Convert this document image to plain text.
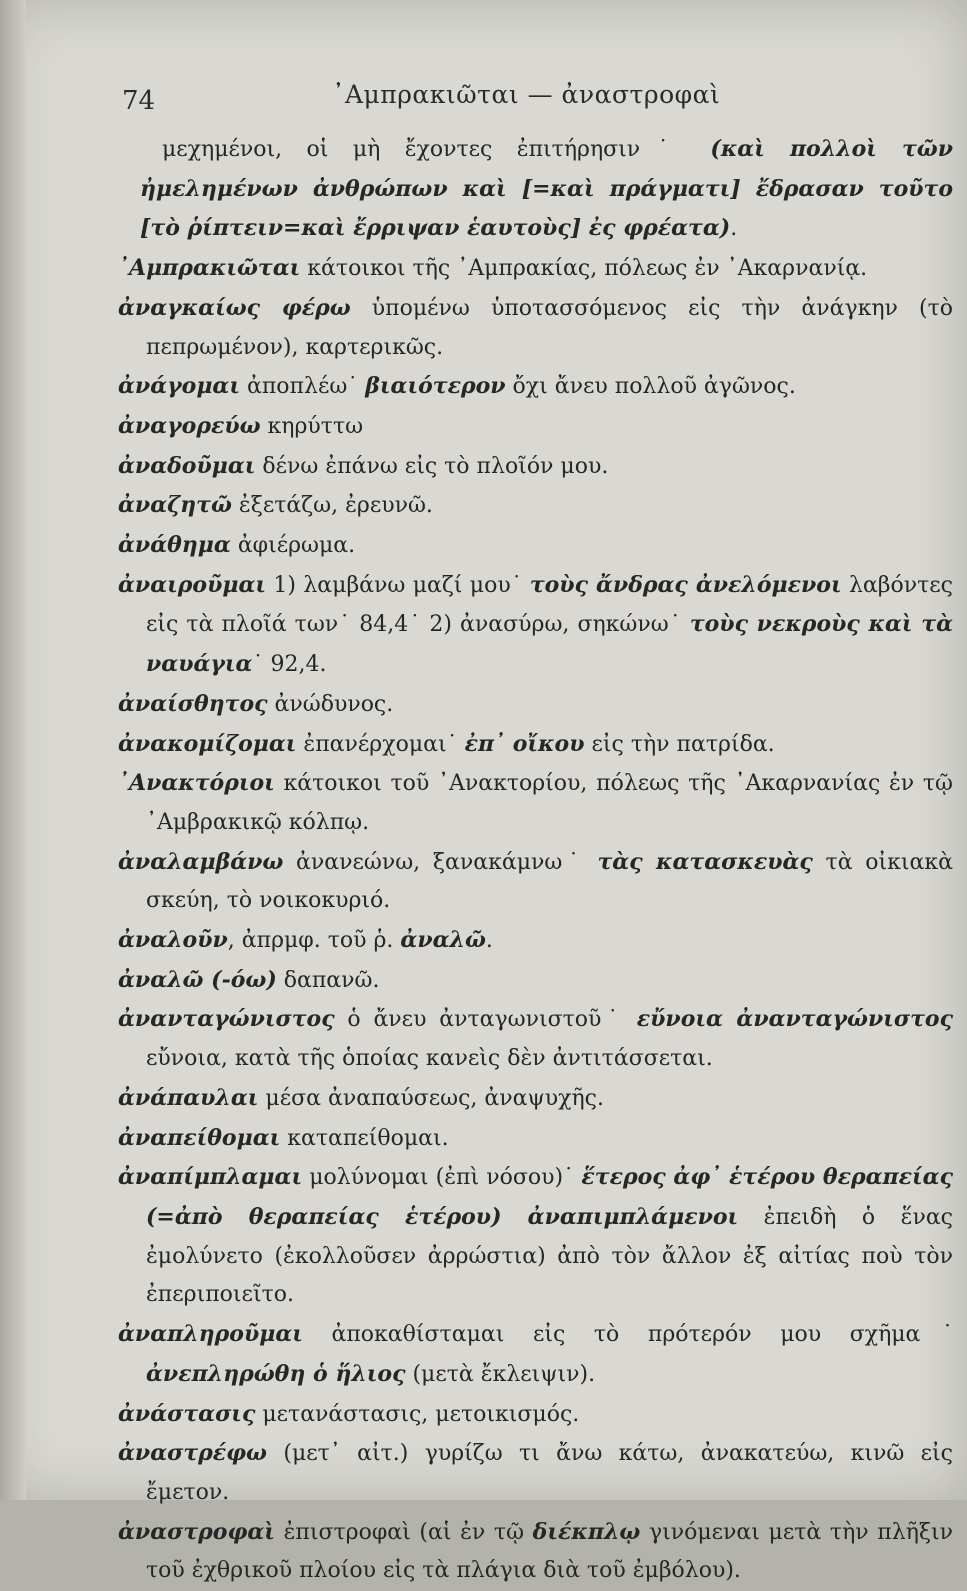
74	᾿Αμπρακιῶται — ἀναστροφαὶ

μεχημένοι, οἱ μὴ ἔχοντες ἐπιτήρησιν˙ (καὶ πολλοὶ τῶν ἠμελημένων ἀνθρώπων καὶ [=καὶ πράγματι] ἔδρασαν τοῦτο [τὸ ῥίπτειν=καὶ ἔρριψαν ἑαυτοὺς] ἐς φρέατα).

᾿Αμπρακιῶται κάτοικοι τῆς ᾿Αμπρακίας, πόλεως ἐν ᾿Ακαρνανίᾳ.

ἀναγκαίως φέρω ὑπομένω ὑποτασσόμενος εἰς τὴν ἀνάγκην (τὸ πεπρωμένον), καρτερικῶς.

ἀνάγομαι ἀποπλέω˙ βιαιότερον ὄχι ἄνευ πολλοῦ ἀγῶνος.

ἀναγορεύω κηρύττω

ἀναδοῦμαι δένω ἐπάνω εἰς τὸ πλοῖόν μου.

ἀναζητῶ ἐξετάζω, ἐρευνῶ.

ἀνάθημα ἀφιέρωμα.

ἀναιροῦμαι 1) λαμβάνω μαζί μου˙ τοὺς ἄνδρας ἀνελόμενοι λαβόντες εἰς τὰ πλοῖά των˙ 84,4˙ 2) ἀνασύρω, σηκώνω˙ τοὺς νεκροὺς καὶ τὰ ναυάγια˙ 92,4.

ἀναίσθητος ἀνώδυνος.

ἀνακομίζομαι ἐπανέρχομαι˙ ἐπ᾿ οἴκου εἰς τὴν πατρίδα.

᾿Ανακτόριοι κάτοικοι τοῦ ᾿Ανακτορίου, πόλεως τῆς ᾿Ακαρνανίας ἐν τῷ ᾿Αμβρακικῷ κόλπῳ.

ἀναλαμβάνω ἀνανεώνω, ξανακάμνω˙ τὰς κατασκευὰς τὰ οἰκιακὰ σκεύη, τὸ νοικοκυριό.

ἀναλοῦν, ἀπρμφ. τοῦ ῥ. ἀναλῶ.

ἀναλῶ (-όω) δαπανῶ.

ἀνανταγώνιστος ὁ ἄνευ ἀνταγωνιστοῦ˙ εὔνοια ἀνανταγώνιστος εὔνοια, κατὰ τῆς ὁποίας κανεὶς δὲν ἀντιτάσσεται.

ἀνάπαυλαι μέσα ἀναπαύσεως, ἀναψυχῆς.

ἀναπείθομαι καταπείθομαι.

ἀναπίμπλαμαι μολύνομαι (ἐπὶ νόσου)˙ ἕτερος ἀφ᾿ ἑτέρου θεραπείας (=ἀπὸ θεραπείας ἑτέρου) ἀναπιμπλάμενοι ἐπειδὴ ὁ ἕνας ἐμολύνετο (ἐκολλοῦσεν ἀρρώστια) ἀπὸ τὸν ἄλλον ἐξ αἰτίας ποὺ τὸν ἐπεριποιεῖτο.

ἀναπληροῦμαι ἀποκαθίσταμαι εἰς τὸ πρότερόν μου σχῆμα˙ ἀνεπληρώθη ὁ ἥλιος (μετὰ ἔκλειψιν).

ἀνάστασις μετανάστασις, μετοικισμός.

ἀναστρέφω (μετ᾿ αἰτ.) γυρίζω τι ἄνω κάτω, ἀνακατεύω, κινῶ εἰς ἔμετον.

ἀναστροφαὶ ἐπιστροφαὶ (αἱ ἐν τῷ διέκπλῳ γινόμεναι μετὰ τὴν πλῆξιν τοῦ ἐχθρικοῦ πλοίου εἰς τὰ πλάγια διὰ τοῦ ἐμβόλου).
